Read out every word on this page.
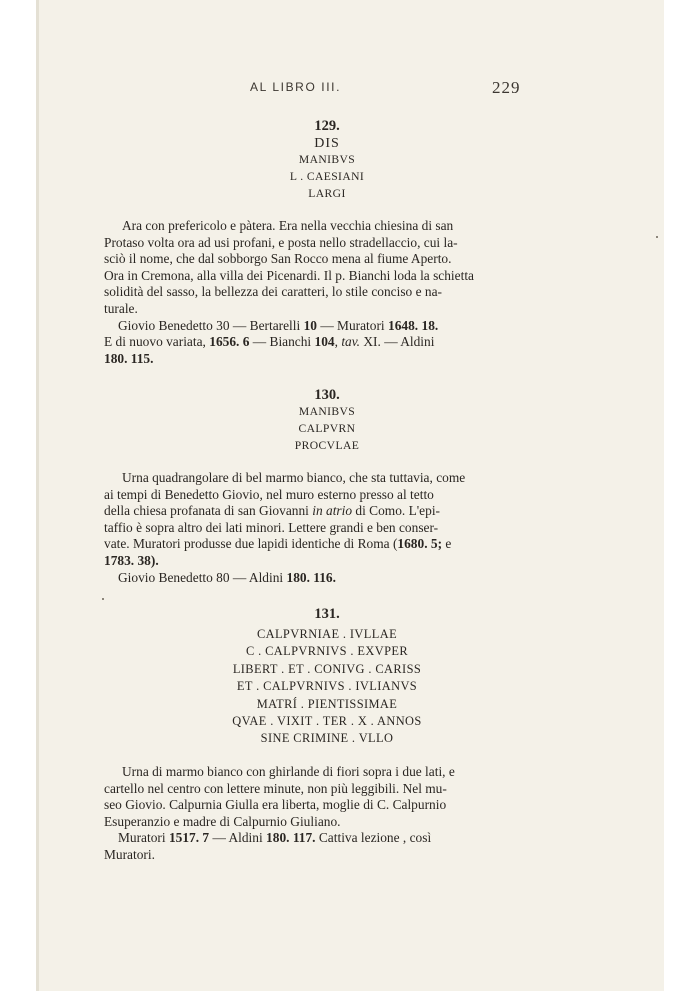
AL LIBRO III.	229
129.
DIS
MANIBVS
L . CAESIANI
LARGI

Ara con prefericolo e pàtera. Era nella vecchia chiesina di san

Protaso volta ora ad usi profani, e posta nello stradellaccio, cui la-

sciò il nome, che dal sobborgo San Rocco mena al fiume Aperto.

Ora in Cremona, alla villa dei Picenardi. Il p. Bianchi loda la schietta

solidità del sasso, la bellezza dei caratteri, lo stile conciso e na-

turale.

Giovio Benedetto 30 — Bertarelli 10 — Muratori 1648. 18.

E di nuovo variata, 1656. 6 — Bianchi 104, tav. XI. — Aldini

180. 115.

130.
MANIBVS
CALPVRN
PROCVLAE

Urna quadrangolare di bel marmo bianco, che sta tuttavia, come

ai tempi di Benedetto Giovio, nel muro esterno presso al tetto

della chiesa profanata di san Giovanni in atrio di Como. L'epi-

taffio è sopra altro dei lati minori. Lettere grandi e ben conser-

vate. Muratori produsse due lapidi identiche di Roma (1680. 5; e

1783. 38).

Giovio Benedetto 80 — Aldini 180. 116.

131.
CALPVRNIAE . IVLLAE
C . CALPVRNIVS . EXVPER
LIBERT . ET . CONIVG . CARISS
ET . CALPVRNIVS . IVLIANVS
MATRÍ . PIENTISSIMAE
QVAE . VIXIT . TER . X . ANNOS
SINE CRIMINE . VLLO

Urna di marmo bianco con ghirlande di fiori sopra i due lati, e

cartello nel centro con lettere minute, non più leggibili. Nel mu-

seo Giovio. Calpurnia Giulla era liberta, moglie di C. Calpurnio

Esuperanzio e madre di Calpurnio Giuliano.

Muratori 1517. 7 — Aldini 180. 117. Cattiva lezione , così

Muratori.
